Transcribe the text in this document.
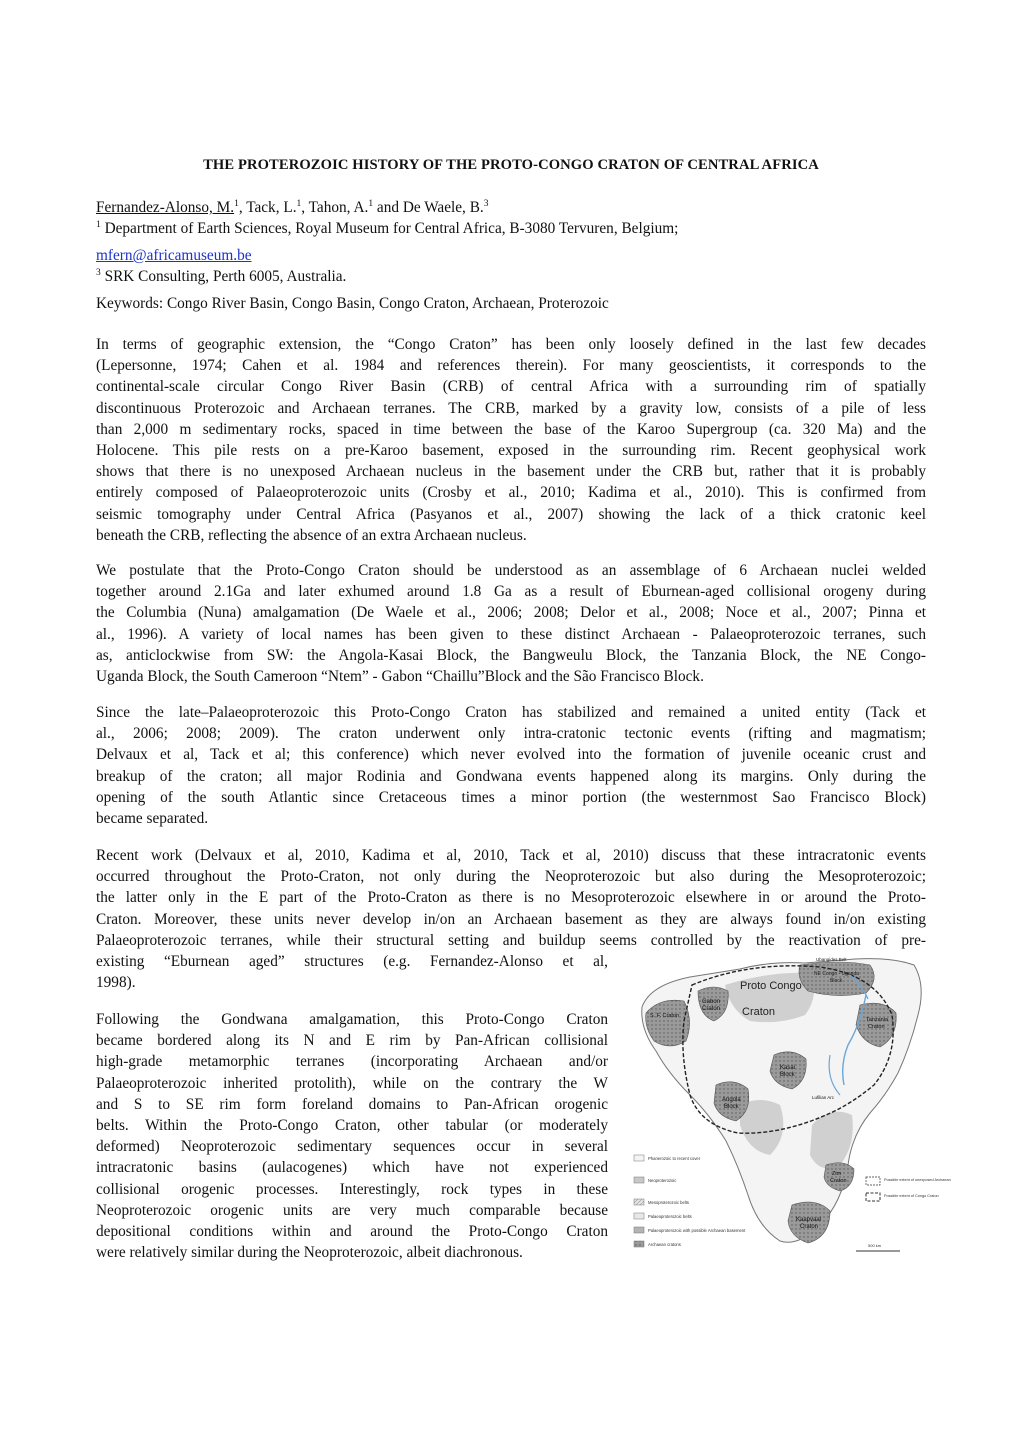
THE PROTEROZOIC HISTORY OF THE PROTO-CONGO CRATON OF CENTRAL AFRICA

Fernandez-Alonso, M.$^1$, Tack, L.$^1$, Tahon, A.$^1$ and De Waele, B.$^3$

$^1$ Department of Earth Sciences, Royal Museum for Central Africa, B-3080 Tervuren, Belgium;

mfern@africamuseum.be

$^3$ SRK Consulting, Perth 6005, Australia.

Keywords: Congo River Basin, Congo Basin, Congo Craton, Archaean, Proterozoic

In terms of geographic extension, the “Congo Craton” has been only loosely defined in the last few decades
(Lepersonne, 1974; Cahen et al. 1984 and references therein). For many geoscientists, it corresponds to the
continental-scale circular Congo River Basin (CRB) of central Africa with a surrounding rim of spatially
discontinuous Proterozoic and Archaean terranes. The CRB, marked by a gravity low, consists of a pile of less
than 2,000 m sedimentary rocks, spaced in time between the base of the Karoo Supergroup (ca. 320 Ma) and the
Holocene. This pile rests on a pre-Karoo basement, exposed in the surrounding rim. Recent geophysical work
shows that there is no unexposed Archaean nucleus in the basement under the CRB but, rather that it is probably
entirely composed of Palaeoproterozoic units (Crosby et al., 2010; Kadima et al., 2010). This is confirmed from
seismic tomography under Central Africa (Pasyanos et al., 2007) showing the lack of a thick cratonic keel
beneath the CRB, reflecting the absence of an extra Archaean nucleus.
We postulate that the Proto-Congo Craton should be understood as an assemblage of 6 Archaean nuclei welded
together around 2.1Ga and later exhumed around 1.8 Ga as a result of Eburnean-aged collisional orogeny during
the Columbia (Nuna) amalgamation (De Waele et al., 2006; 2008; Delor et al., 2008; Noce et al., 2007; Pinna et
al., 1996). A variety of local names has been given to these distinct Archaean - Palaeoproterozoic terranes, such
as, anticlockwise from SW: the Angola-Kasai Block, the Bangweulu Block, the Tanzania Block, the NE Congo-
Uganda Block, the South Cameroon “Ntem” - Gabon “Chaillu”Block and the São Francisco Block.
Since the late–Palaeoproterozoic this Proto-Congo Craton has stabilized and remained a united entity (Tack et
al., 2006; 2008; 2009). The craton underwent only intra-cratonic tectonic events (rifting and magmatism;
Delvaux et al, Tack et al; this conference) which never evolved into the formation of juvenile oceanic crust and
breakup of the craton; all major Rodinia and Gondwana events happened along its margins. Only during the
opening of the south Atlantic since Cretaceous times a minor portion (the westernmost Sao Francisco Block)
became separated.
Recent work (Delvaux et al, 2010, Kadima et al, 2010, Tack et al, 2010) discuss that these intracratonic events
occurred throughout the Proto-Craton, not only during the Neoproterozoic but also during the Mesoproterozoic;
the latter only in the E part of the Proto-Craton as there is no Mesoproterozoic elsewhere in or around the Proto-
Craton. Moreover, these units never develop in/on an Archaean basement as they are always found in/on existing
Palaeoproterozoic terranes, while their structural setting and buildup seems controlled by the reactivation of pre-
existing “Eburnean aged” structures (e.g. Fernandez-Alonso et al,
1998).
Following the Gondwana amalgamation, this Proto-Congo Craton
became bordered along its N and E rim by Pan-African collisional
high-grade metamorphic terranes (incorporating Archaean and/or
Palaeoproterozoic inherited protolith), while on the contrary the W
and S to SE rim form foreland domains to Pan-African orogenic
belts. Within the Proto-Congo Craton, other tabular (or moderately
deformed) Neoproterozoic sedimentary sequences occur in several
intracratonic basins (aulacogenes) which have not experienced
collisional orogenic processes. Interestingly, rock types in these
Neoproterozoic orogenic units are very much comparable because
depositional conditions within and around the Proto-Congo Craton
were relatively similar during the Neoproterozoic, albeit diachronous.
Proto Congo
Craton
NE Congo - Uganda
Block
Gabon
Craton
S. F. Craton
Tanzania
Craton
Kasai
Block
Angola
Block
Zim
Craton
Kaapvaal
Craton
Lufilian Arc
Ubangides Belt
Phanerozoic to recent cover
Neoproterozoic
Mesoproterozoic belts
Palaeoproterozoic belts
Palaeoproterozoic with possible Archaean basement
Archaean cratons
Possible extent of unexposed Archaean
Possible extent of Congo Craton
500 km
